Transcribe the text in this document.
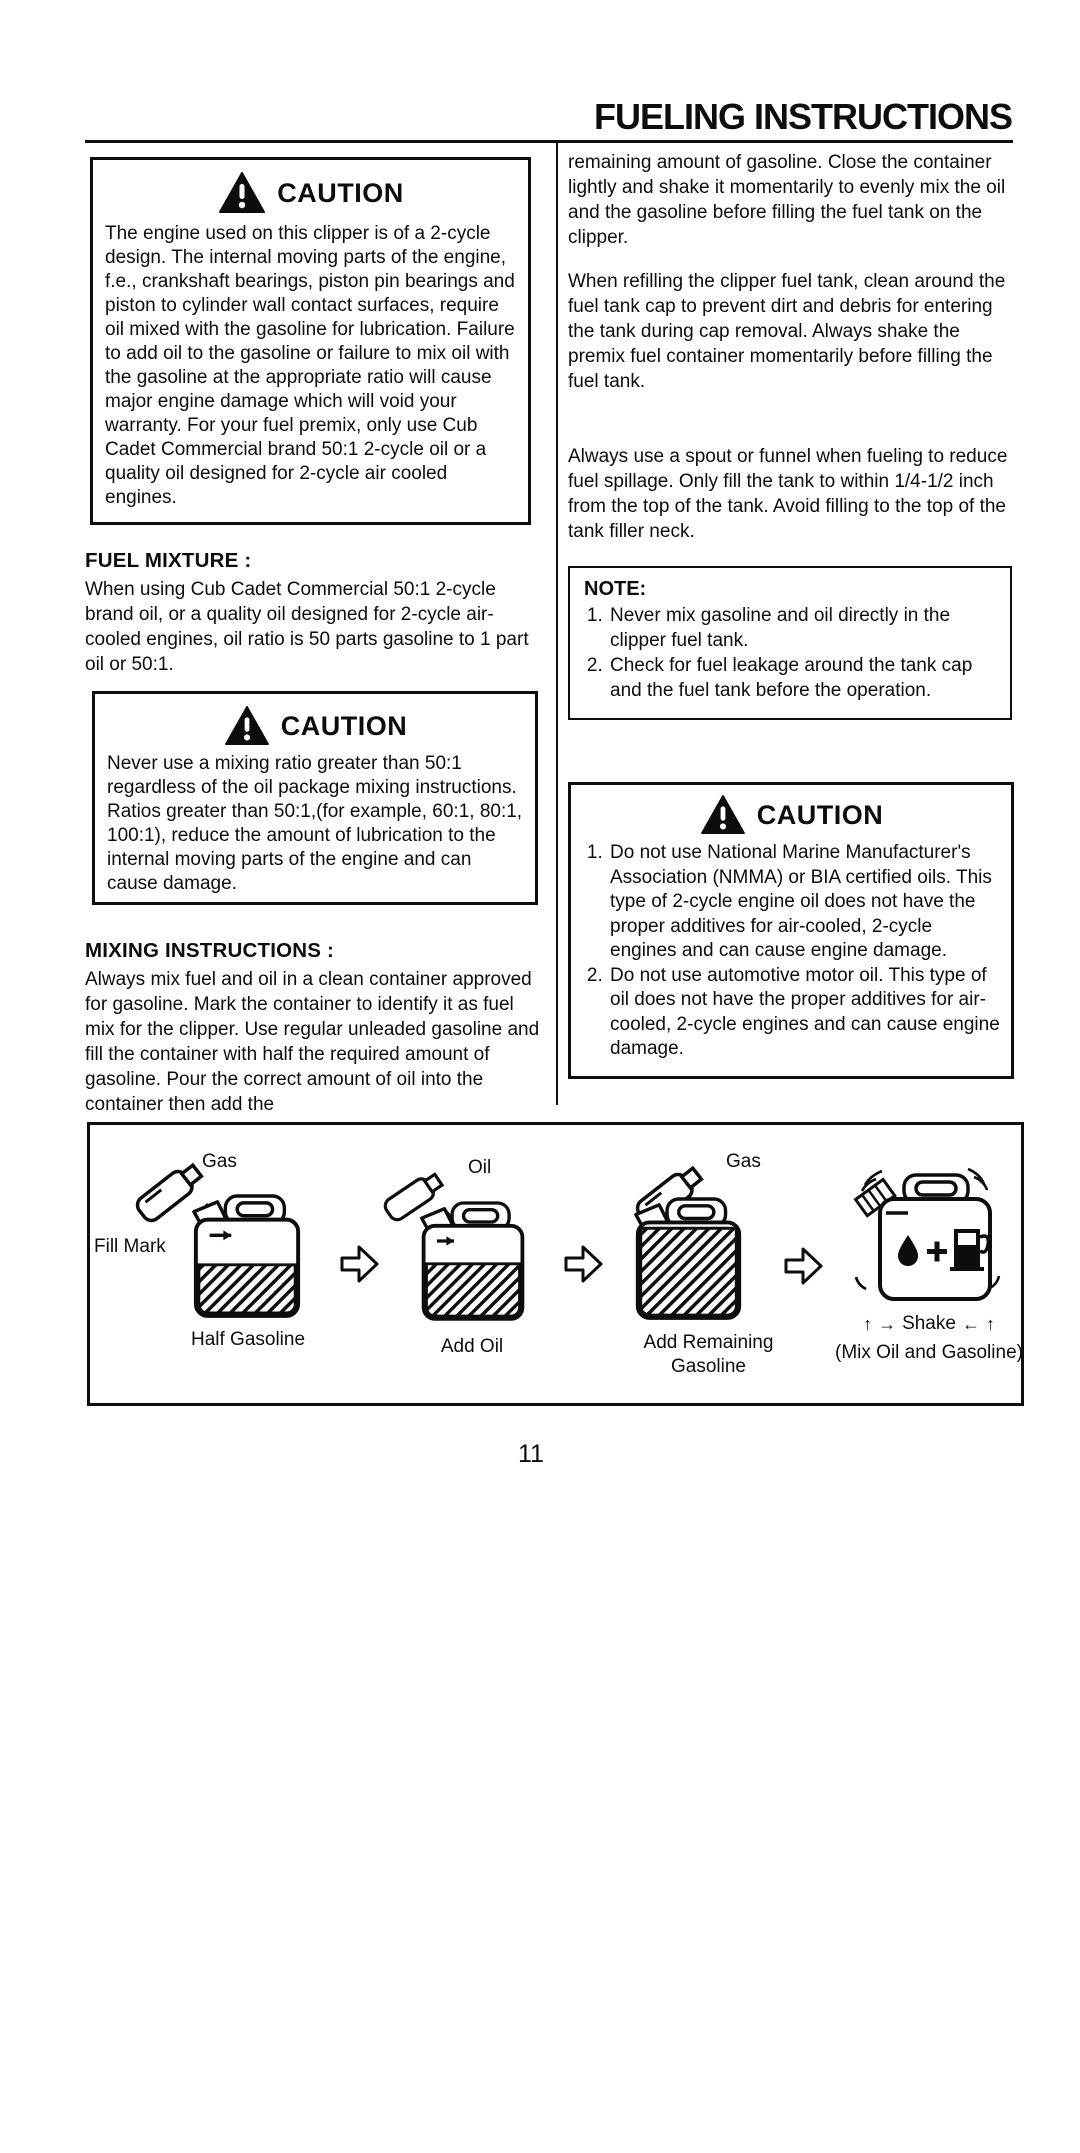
FUELING INSTRUCTIONS
CAUTION
The engine used on this clipper is of a 2-cycle design. The internal moving parts of the engine, f.e., crankshaft bearings, piston pin bearings and piston to cylinder wall contact surfaces, require oil mixed with the gasoline for lubrication. Failure to add oil to the gasoline or failure to mix oil with the gasoline at the appropriate ratio will cause major engine damage which will void your warranty. For your fuel premix, only use Cub Cadet Commercial brand 50:1 2-cycle oil or a quality oil designed for 2-cycle air cooled engines.
FUEL MIXTURE :
When using Cub Cadet Commercial 50:1 2-cycle brand oil, or a quality oil designed for 2-cycle air-cooled engines, oil ratio is 50 parts gasoline to 1 part oil or 50:1.
CAUTION
Never use a mixing ratio greater than 50:1 regardless of the oil package mixing instructions. Ratios greater than 50:1,(for example, 60:1, 80:1, 100:1), reduce the amount of lubrication to the internal moving parts of the engine and can cause damage.
MIXING INSTRUCTIONS :
Always mix fuel and oil in a clean container approved for gasoline. Mark the container to identify it as fuel mix for the clipper. Use regular unleaded gasoline and fill the container with half the required amount of gasoline. Pour the correct amount of oil into the container then add the
remaining amount of gasoline. Close the container lightly and shake it momentarily to evenly mix the oil and the gasoline before filling the fuel tank on the clipper.
When refilling the clipper fuel tank, clean around the fuel tank cap to prevent dirt and debris for entering the tank during cap removal. Always shake the premix fuel container momentarily before filling the fuel tank.
Always use a spout or funnel when fueling to reduce fuel spillage. Only fill the tank to within 1/4-1/2 inch from the top of the tank. Avoid filling to the top of the tank filler neck.
NOTE:
1. Never mix gasoline and oil directly in the clipper fuel tank.
2. Check for fuel leakage around the tank cap and the fuel tank before the operation.
CAUTION
1. Do not use National Marine Manufacturer's Association (NMMA) or BIA certified oils. This type of 2-cycle engine oil does not have the proper additives for air-cooled, 2-cycle engines and can cause engine damage.
2. Do not use automotive motor oil. This type of oil does not have the proper additives for air-cooled, 2-cycle engines and can cause engine damage.
Gas
Fill Mark
Half Gasoline
Oil
Add Oil
Gas
Add Remaining Gasoline
↑ → Shake ← ↑
(Mix Oil and Gasoline)
11
